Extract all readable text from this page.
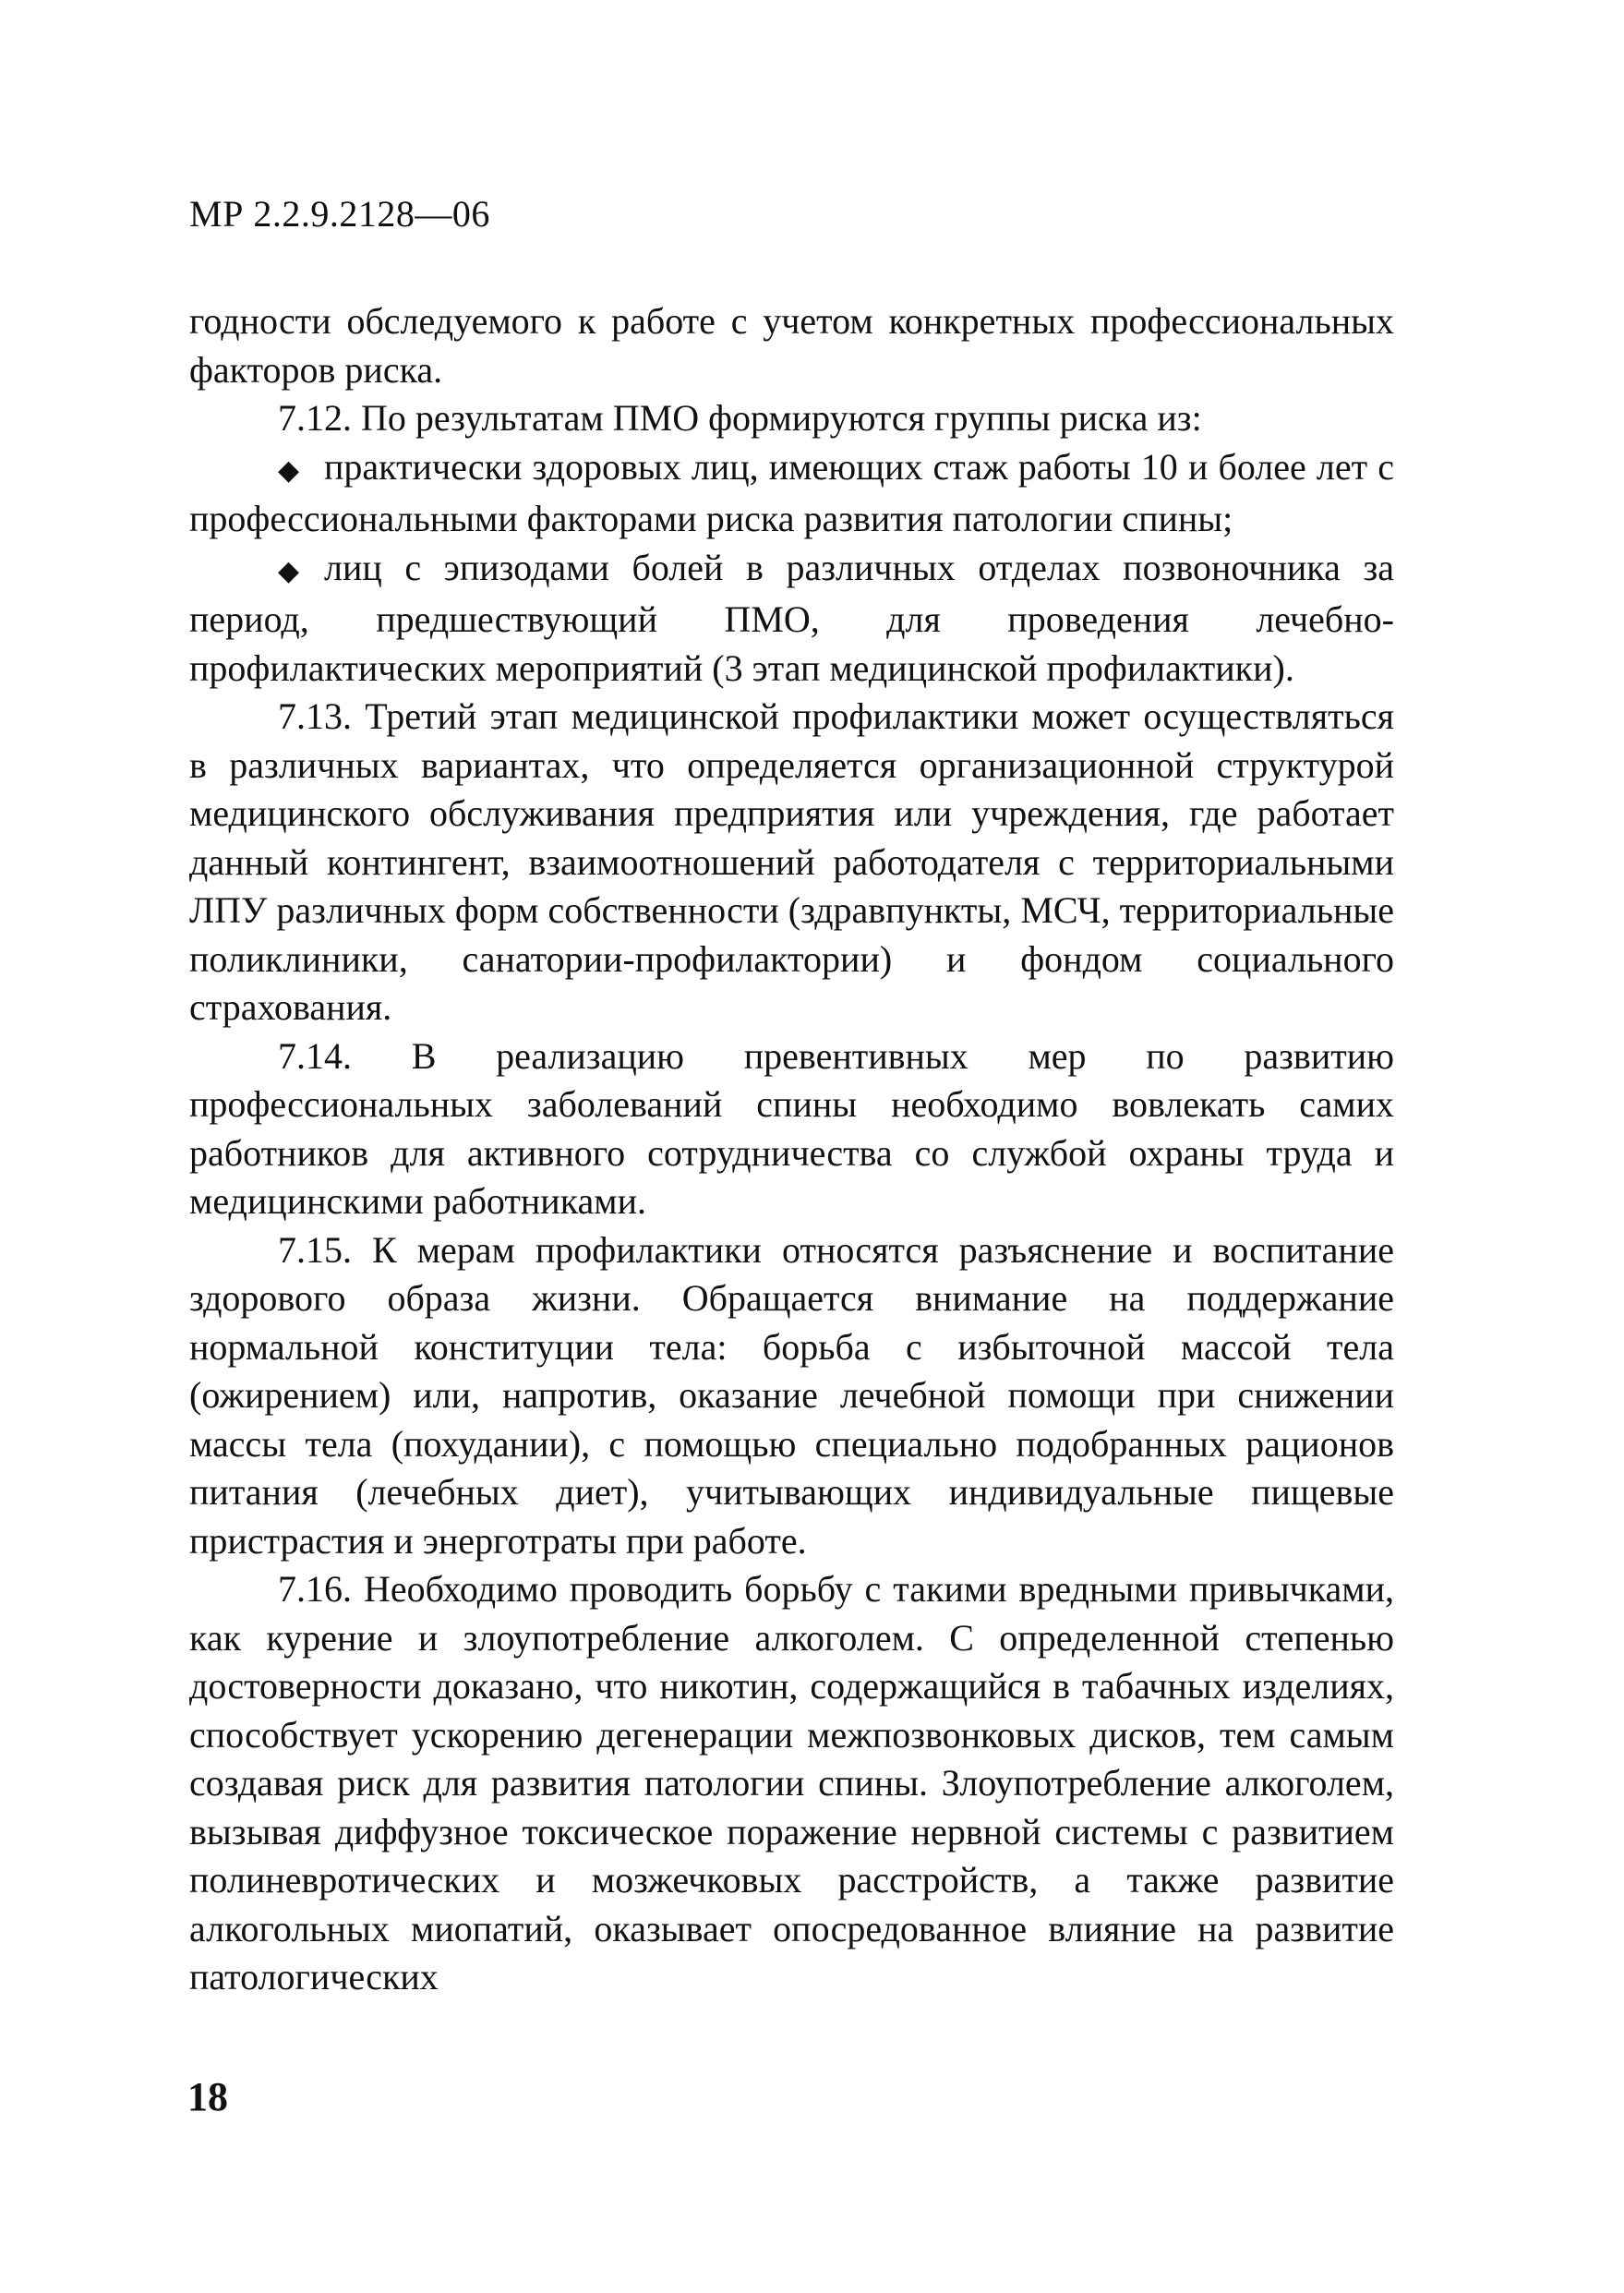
МР 2.2.9.2128—06

годности обследуемого к работе с учетом конкретных профессиональных факторов риска.

7.12. По результатам ПМО формируются группы риска из:

◆ практически здоровых лиц, имеющих стаж работы 10 и более лет с профессиональными факторами риска развития патологии спины;

◆ лиц с эпизодами болей в различных отделах позвоночника за период, предшествующий ПМО, для проведения лечебно-профилактических мероприятий (3 этап медицинской профилактики).

7.13. Третий этап медицинской профилактики может осуществляться в различных вариантах, что определяется организационной структурой медицинского обслуживания предприятия или учреждения, где работает данный контингент, взаимоотношений работодателя с территориальными ЛПУ различных форм собственности (здравпункты, МСЧ, территориальные поликлиники, санатории-профилактории) и фондом социального страхования.

7.14. В реализацию превентивных мер по развитию профессиональных заболеваний спины необходимо вовлекать самих работников для активного сотрудничества со службой охраны труда и медицинскими работниками.

7.15. К мерам профилактики относятся разъяснение и воспитание здорового образа жизни. Обращается внимание на поддержание нормальной конституции тела: борьба с избыточной массой тела (ожирением) или, напротив, оказание лечебной помощи при снижении массы тела (похудании), с помощью специально подобранных рационов питания (лечебных диет), учитывающих индивидуальные пищевые пристрастия и энерготраты при работе.

7.16. Необходимо проводить борьбу с такими вредными привычками, как курение и злоупотребление алкоголем. С определенной степенью достоверности доказано, что никотин, содержащийся в табачных изделиях, способствует ускорению дегенерации межпозвонковых дисков, тем самым создавая риск для развития патологии спины. Злоупотребление алкоголем, вызывая диффузное токсическое поражение нервной системы с развитием полиневротических и мозжечковых расстройств, а также развитие алкогольных миопатий, оказывает опосредованное влияние на развитие патологических

18
